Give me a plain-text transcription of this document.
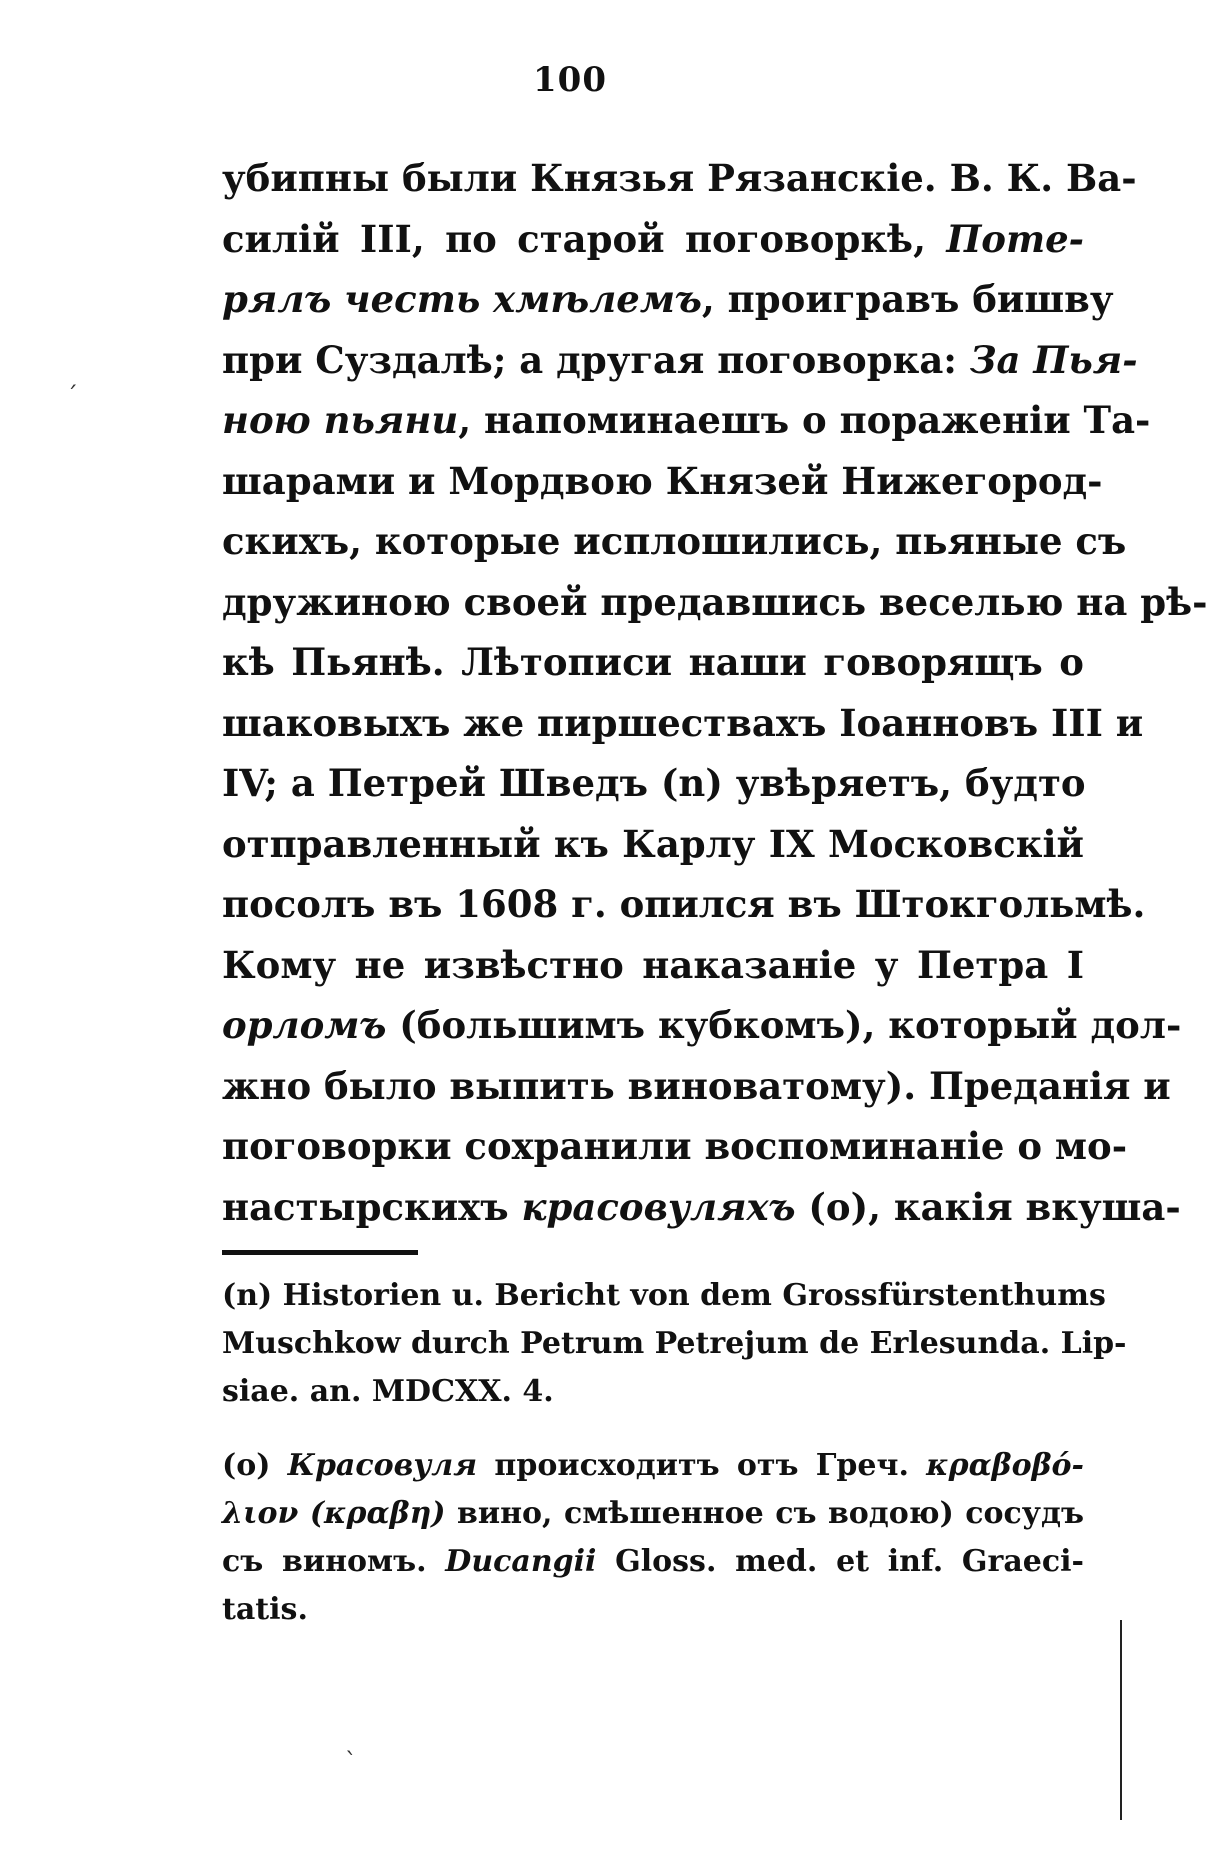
100
убипны были Князья Рязанскіе. В. К. Ва-
силій III, по старой поговоркѣ, Поте-
рялъ честь хмѣлемъ, проигравъ бишву
при Суздалѣ; а другая поговорка: За Пья-
ною пьяни, напоминаешъ о пораженіи Та-
шарами и Мордвою Князей Нижегород-
скихъ, которые исплошились, пьяные съ
дружиною своей предавшись веселью на рѣ-
кѣ Пьянѣ. Лѣтописи наши говорящъ о
шаковыхъ же пиршествахъ Іоанновъ III и
IV; а Петрей Шведъ (n) увѣряетъ, будто
отправленный къ Карлу IX Московскій
посолъ въ 1608 г. опился въ Штокгольмѣ.
Кому не извѣстно наказаніе у Петра I
орломъ (большимъ кубкомъ), который дол-
жно было выпить виноватому). Преданія и
поговорки сохранили воспоминаніе о мо-
настырскихъ красовуляхъ (о), какія вкуша-
(n) Historien u. Bericht von dem Grossfürstenthums
Muschkow durch Petrum Petrejum de Erlesunda. Lip-
siae. an. MDCXX. 4.
(o) Красовуля происходитъ отъ Греч. κραβοβό-
λιον (κραβη) вино, смѣшенное съ водою) сосудъ
съ виномъ. Ducangii Gloss. med. et inf. Graeci-
tatis.
´
ˋ
